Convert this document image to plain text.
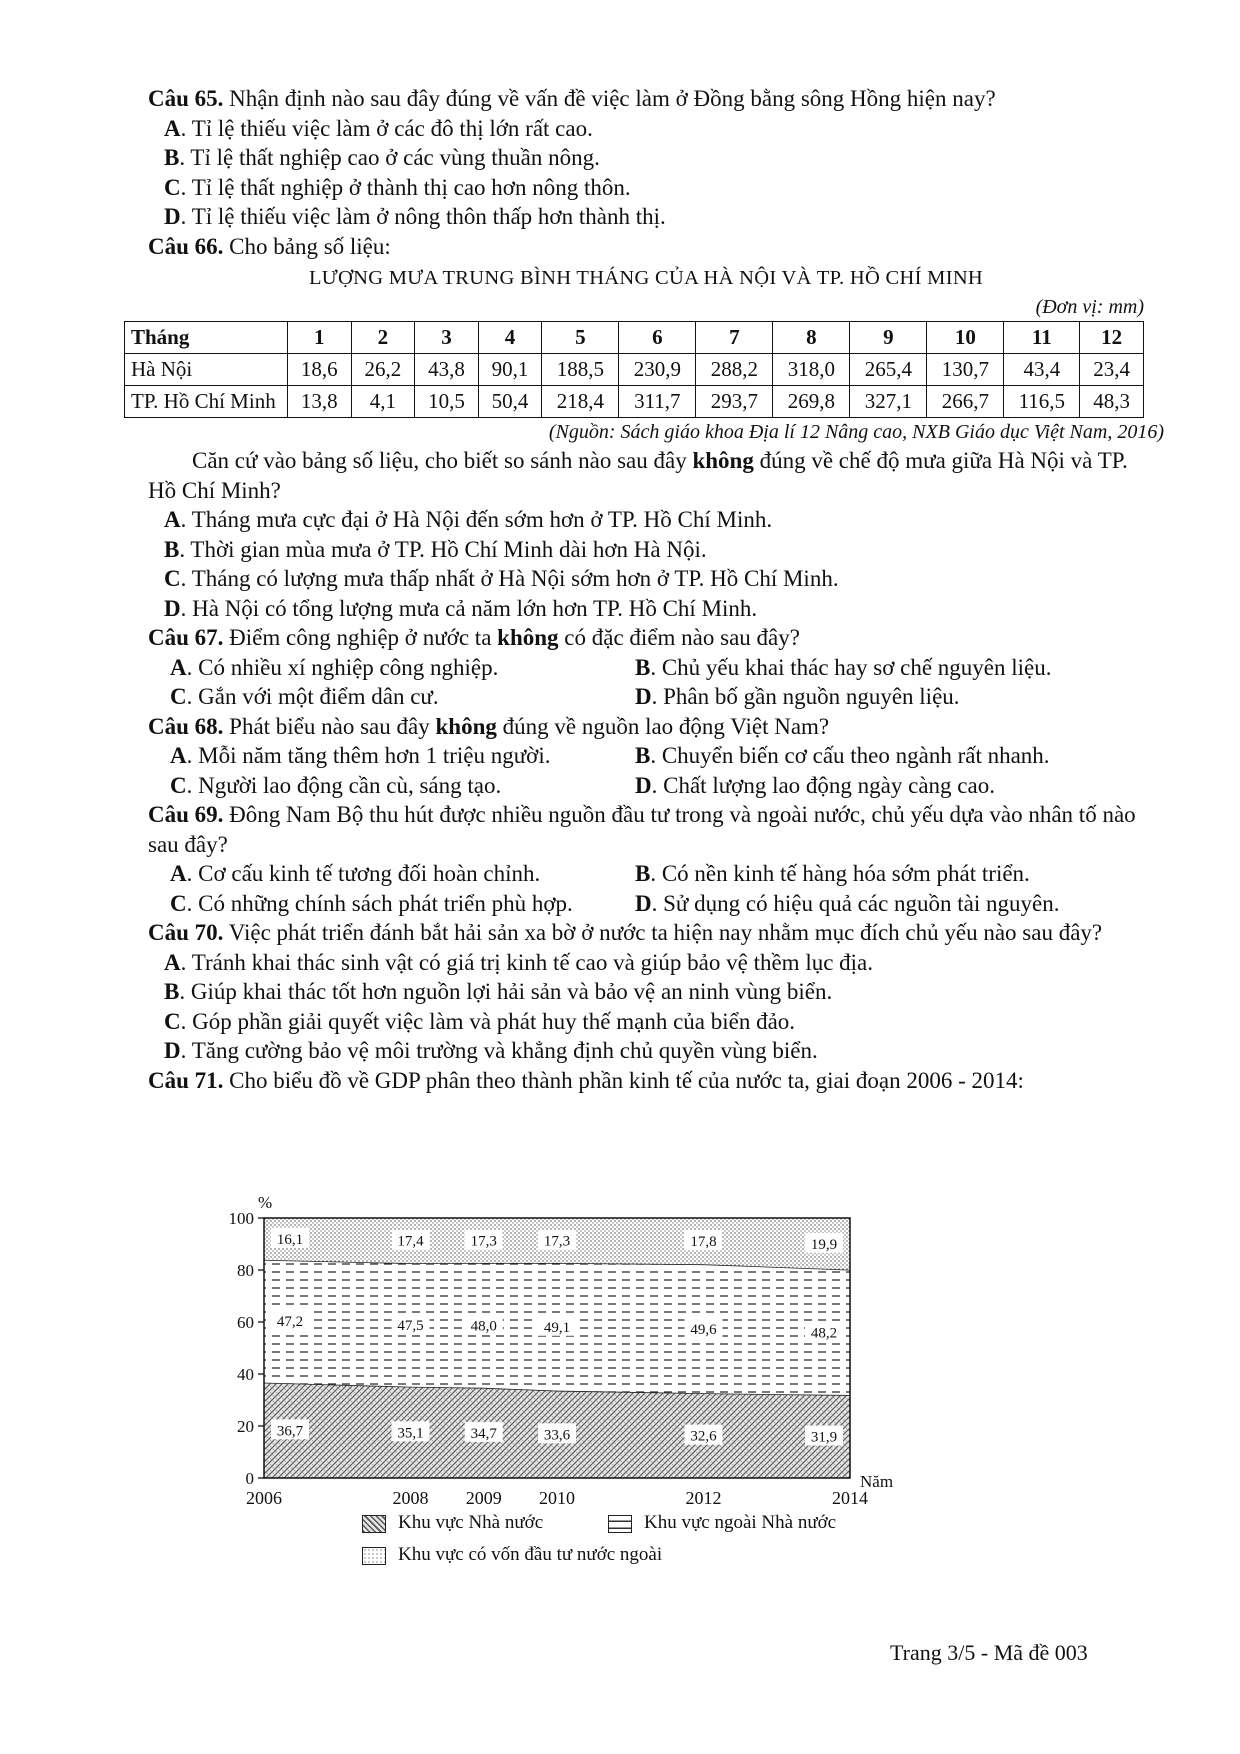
Câu 65. Nhận định nào sau đây đúng về vấn đề việc làm ở Đồng bằng sông Hồng hiện nay?

A. Tỉ lệ thiếu việc làm ở các đô thị lớn rất cao.

B. Tỉ lệ thất nghiệp cao ở các vùng thuần nông.

C. Tỉ lệ thất nghiệp ở thành thị cao hơn nông thôn.

D. Tỉ lệ thiếu việc làm ở nông thôn thấp hơn thành thị.

Câu 66. Cho bảng số liệu:

LƯỢNG MƯA TRUNG BÌNH THÁNG CỦA HÀ NỘI VÀ TP. HỒ CHÍ MINH

(Đơn vị: mm)

Tháng	1	2	3	4	5	6	7	8	9	10	11	12
Hà Nội	18,6	26,2	43,8	90,1	188,5	230,9	288,2	318,0	265,4	130,7	43,4	23,4
TP. Hồ Chí Minh	13,8	4,1	10,5	50,4	218,4	311,7	293,7	269,8	327,1	266,7	116,5	48,3

(Nguồn: Sách giáo khoa Địa lí 12 Nâng cao, NXB Giáo dục Việt Nam, 2016)

Căn cứ vào bảng số liệu, cho biết so sánh nào sau đây không đúng về chế độ mưa giữa Hà Nội và TP. Hồ Chí Minh?

A. Tháng mưa cực đại ở Hà Nội đến sớm hơn ở TP. Hồ Chí Minh.

B. Thời gian mùa mưa ở TP. Hồ Chí Minh dài hơn Hà Nội.

C. Tháng có lượng mưa thấp nhất ở Hà Nội sớm hơn ở TP. Hồ Chí Minh.

D. Hà Nội có tổng lượng mưa cả năm lớn hơn TP. Hồ Chí Minh.

Câu 67. Điểm công nghiệp ở nước ta không có đặc điểm nào sau đây?

A. Có nhiều xí nghiệp công nghiệp.	B. Chủ yếu khai thác hay sơ chế nguyên liệu.
C. Gắn với một điểm dân cư.	D. Phân bố gần nguồn nguyên liệu.

Câu 68. Phát biểu nào sau đây không đúng về nguồn lao động Việt Nam?

A. Mỗi năm tăng thêm hơn 1 triệu người.	B. Chuyển biến cơ cấu theo ngành rất nhanh.
C. Người lao động cần cù, sáng tạo.	D. Chất lượng lao động ngày càng cao.

Câu 69. Đông Nam Bộ thu hút được nhiều nguồn đầu tư trong và ngoài nước, chủ yếu dựa vào nhân tố nào sau đây?

A. Cơ cấu kinh tế tương đối hoàn chỉnh.	B. Có nền kinh tế hàng hóa sớm phát triển.
C. Có những chính sách phát triển phù hợp.	D. Sử dụng có hiệu quả các nguồn tài nguyên.

Câu 70. Việc phát triển đánh bắt hải sản xa bờ ở nước ta hiện nay nhằm mục đích chủ yếu nào sau đây?

A. Tránh khai thác sinh vật có giá trị kinh tế cao và giúp bảo vệ thềm lục địa.

B. Giúp khai thác tốt hơn nguồn lợi hải sản và bảo vệ an ninh vùng biển.

C. Góp phần giải quyết việc làm và phát huy thế mạnh của biển đảo.

D. Tăng cường bảo vệ môi trường và khẳng định chủ quyền vùng biển.

Câu 71. Cho biểu đồ về GDP phân theo thành phần kinh tế của nước ta, giai đoạn 2006 - 2014:

0
20
40
60
80
100
%
2006	2008 2009 2010	2012	2014
Năm
36,7	35,1	34,7	33,6	32,6	31,9
47,2	47,5	48,0	49,1	49,6	48,2
16,1	17,4	17,3	17,3	17,8	19,9
Khu vực Nhà nước	Khu vực ngoài Nhà nước
Khu vực có vốn đầu tư nước ngoài
Trang 3/5 - Mã đề 003
